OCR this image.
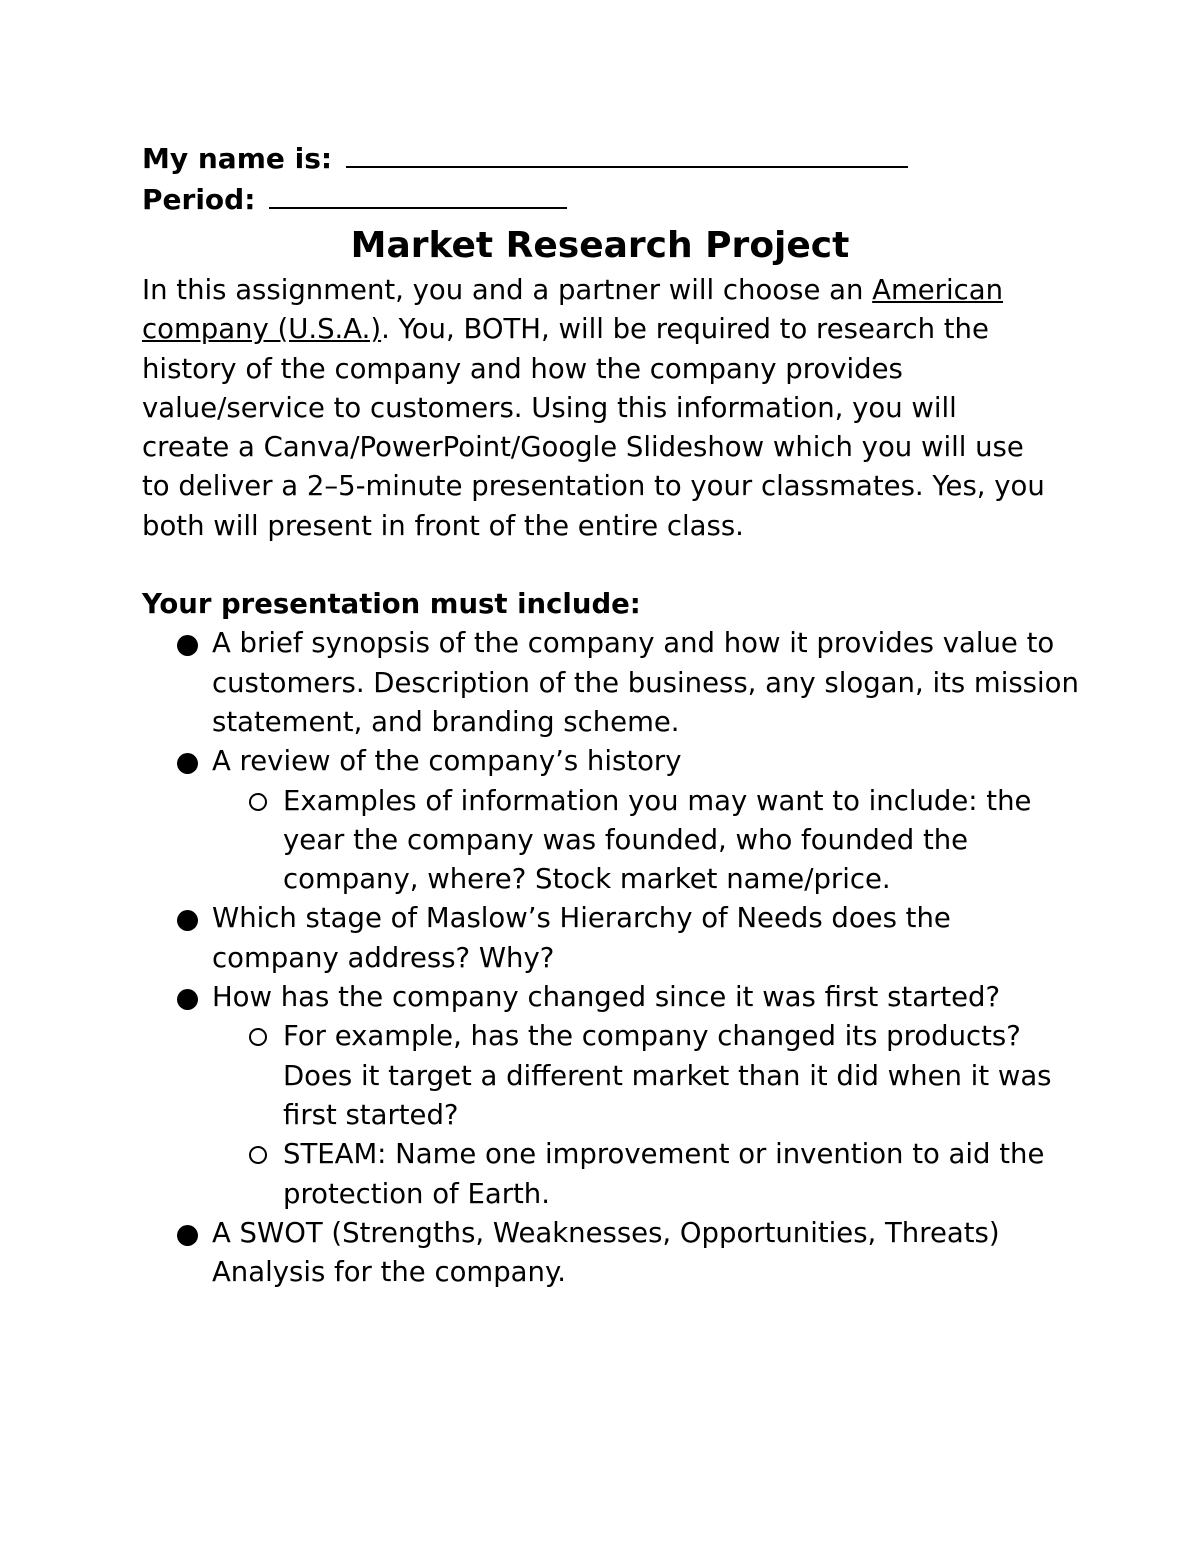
My name is:
Period:
Market Research Project

In this assignment, you and a partner will choose an American company (U.S.A.). You, BOTH, will be required to research the history of the company and how the company provides value/service to customers. Using this information, you will create a Canva/PowerPoint/Google Slideshow which you will use to deliver a 2–5-minute presentation to your classmates. Yes, you both will present in front of the entire class.

Your presentation must include:
A brief synopsis of the company and how it provides value to customers. Description of the business, any slogan, its mission statement, and branding scheme.
A review of the company’s history
Examples of information you may want to include: the year the company was founded, who founded the company, where? Stock market name/price.
Which stage of Maslow’s Hierarchy of Needs does the company address? Why?
How has the company changed since it was first started?
For example, has the company changed its products? Does it target a different market than it did when it was first started?
STEAM: Name one improvement or invention to aid the protection of Earth.
A SWOT (Strengths, Weaknesses, Opportunities, Threats) Analysis for the company.
